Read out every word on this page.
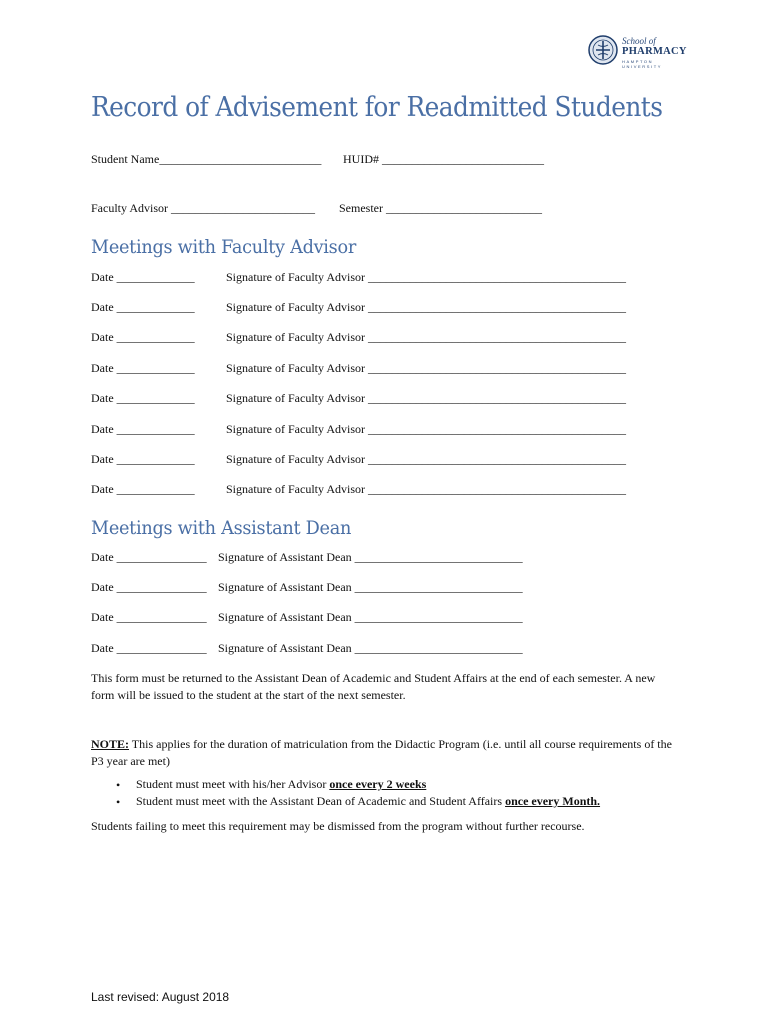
School of
PHARMACY
HAMPTON UNIVERSITY
Record of Advisement for Readmitted Students
Student Name___________________________ HUID# ___________________________
Faculty Advisor ________________________ Semester __________________________
Meetings with Faculty Advisor
Date _____________	Signature of Faculty Advisor ___________________________________________
Date _____________	Signature of Faculty Advisor ___________________________________________
Date _____________	Signature of Faculty Advisor ___________________________________________
Date _____________	Signature of Faculty Advisor ___________________________________________
Date _____________	Signature of Faculty Advisor ___________________________________________
Date _____________	Signature of Faculty Advisor ___________________________________________
Date _____________	Signature of Faculty Advisor ___________________________________________
Date _____________	Signature of Faculty Advisor ___________________________________________
Meetings with Assistant Dean
Date _______________ Signature of Assistant Dean ____________________________
Date _______________ Signature of Assistant Dean ____________________________
Date _______________ Signature of Assistant Dean ____________________________
Date _______________ Signature of Assistant Dean ____________________________
This form must be returned to the Assistant Dean of Academic and Student Affairs at the end of each semester. A new form will be issued to the student at the start of the next semester.
NOTE: This applies for the duration of matriculation from the Didactic Program (i.e. until all course requirements of the P3 year are met)
• Student must meet with his/her Advisor once every 2 weeks
• Student must meet with the Assistant Dean of Academic and Student Affairs once every Month.
Students failing to meet this requirement may be dismissed from the program without further recourse.
Last revised: August 2018
